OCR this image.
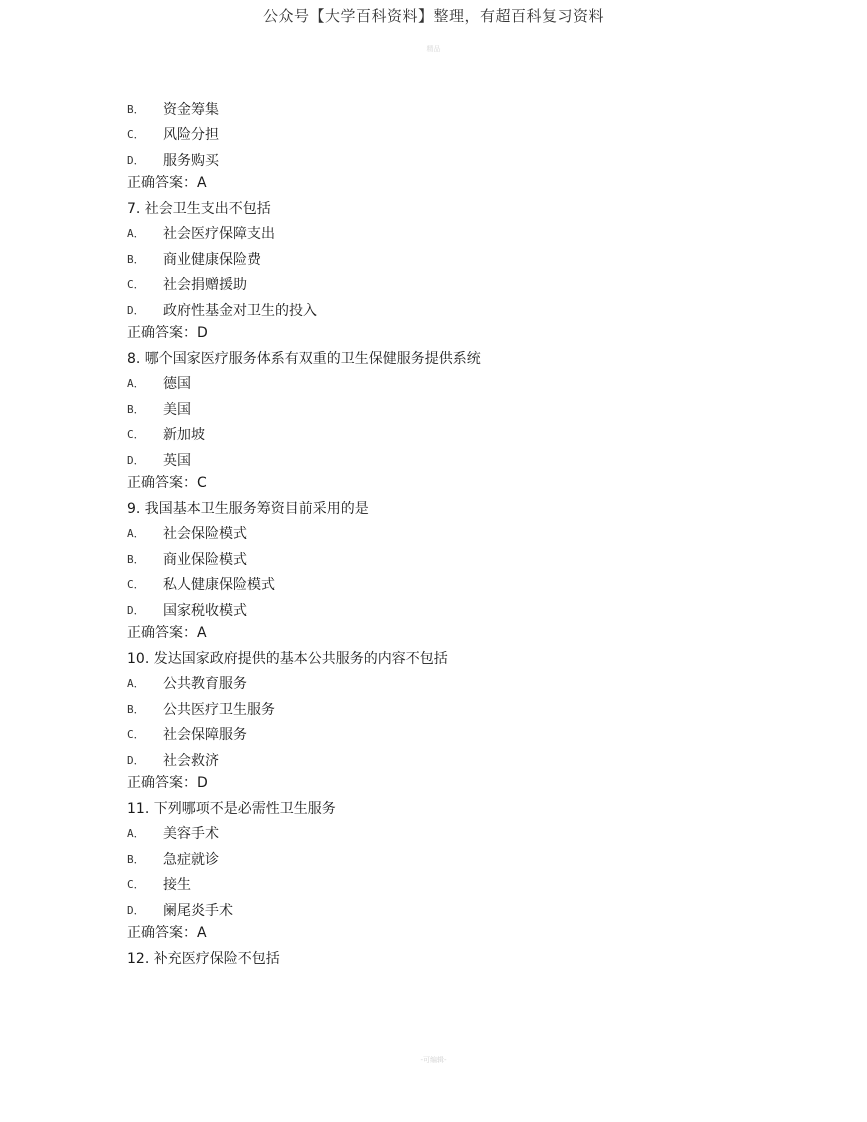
公众号【大学百科资料】整理，有超百科复习资料
精品
B．	资金筹集
C．	风险分担
D．	服务购买
正确答案：A
7. 社会卫生支出不包括
A．	社会医疗保障支出
B．	商业健康保险费
C．	社会捐赠援助
D．	政府性基金对卫生的投入
正确答案：D
8. 哪个国家医疗服务体系有双重的卫生保健服务提供系统
A．	德国
B．	美国
C．	新加坡
D．	英国
正确答案：C
9. 我国基本卫生服务筹资目前采用的是
A．	社会保险模式
B．	商业保险模式
C．	私人健康保险模式
D．	国家税收模式
正确答案：A
10. 发达国家政府提供的基本公共服务的内容不包括
A．	公共教育服务
B．	公共医疗卫生服务
C．	社会保障服务
D．	社会救济
正确答案：D
11. 下列哪项不是必需性卫生服务
A．	美容手术
B．	急症就诊
C．	接生
D．	阑尾炎手术
正确答案：A
12. 补充医疗保险不包括
-可编辑-
